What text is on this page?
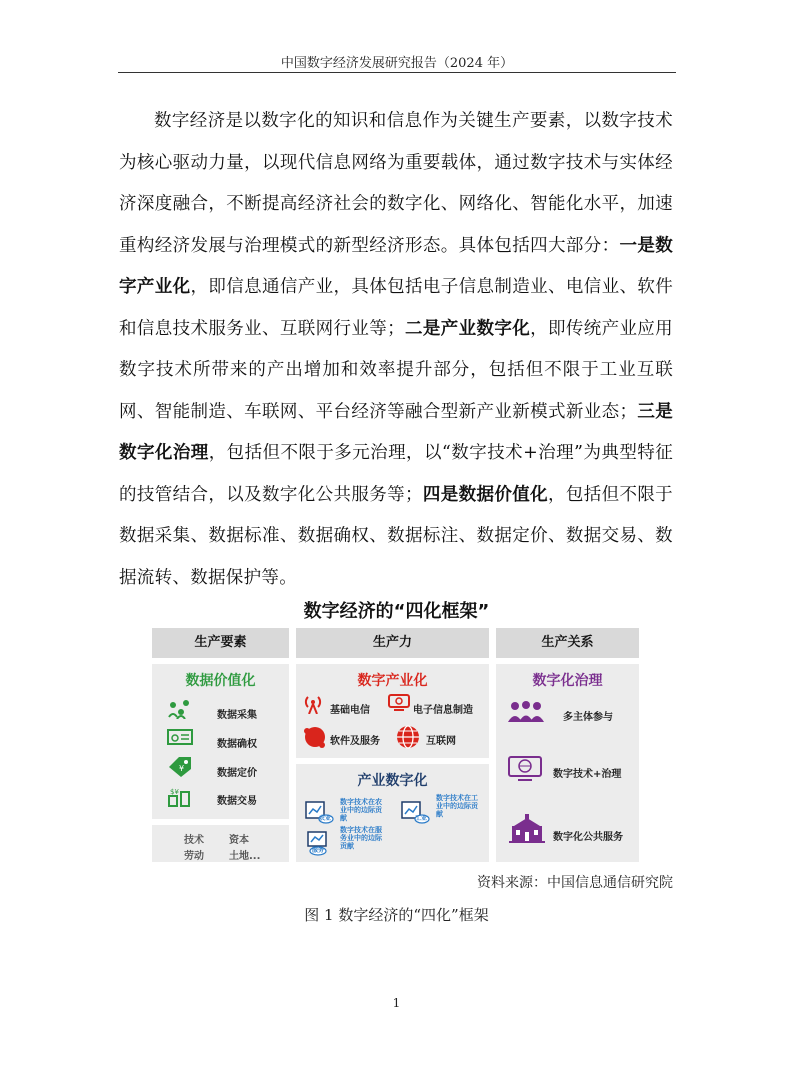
中国数字经济发展研究报告（2024 年）

数字经济是以数字化的知识和信息作为关键生产要素，以数字技术为核心驱动力量，以现代信息网络为重要载体，通过数字技术与实体经济深度融合，不断提高经济社会的数字化、网络化、智能化水平，加速重构经济发展与治理模式的新型经济形态。具体包括四大部分：一是数字产业化，即信息通信产业，具体包括电子信息制造业、电信业、软件和信息技术服务业、互联网行业等；二是产业数字化，即传统产业应用数字技术所带来的产出增加和效率提升部分，包括但不限于工业互联网、智能制造、车联网、平台经济等融合型新产业新模式新业态；三是数字化治理，包括但不限于多元治理，以“数字技术+治理”为典型特征的技管结合，以及数字化公共服务等；四是数据价值化，包括但不限于数据采集、数据标准、数据确权、数据标注、数据定价、数据交易、数据流转、数据保护等。

数字经济的“四化框架”
生产要素	生产力	生产关系
数据价值化
数据采集
数据确权
¥	数据定价
$¥
数据交易
技术	资本
劳动	土地...
数字产业化
基础电信	电子信息制造
软件及服务	互联网
产业数字化
农业
数字技术在农业中的边际贡献	工业
数字技术在工业中的边际贡献
服务
数字技术在服务业中的边际贡献
数字化治理
多主体参与
数字技术+治理
数字化公共服务
资料来源：中国信息通信研究院
图 1 数字经济的“四化”框架
1
